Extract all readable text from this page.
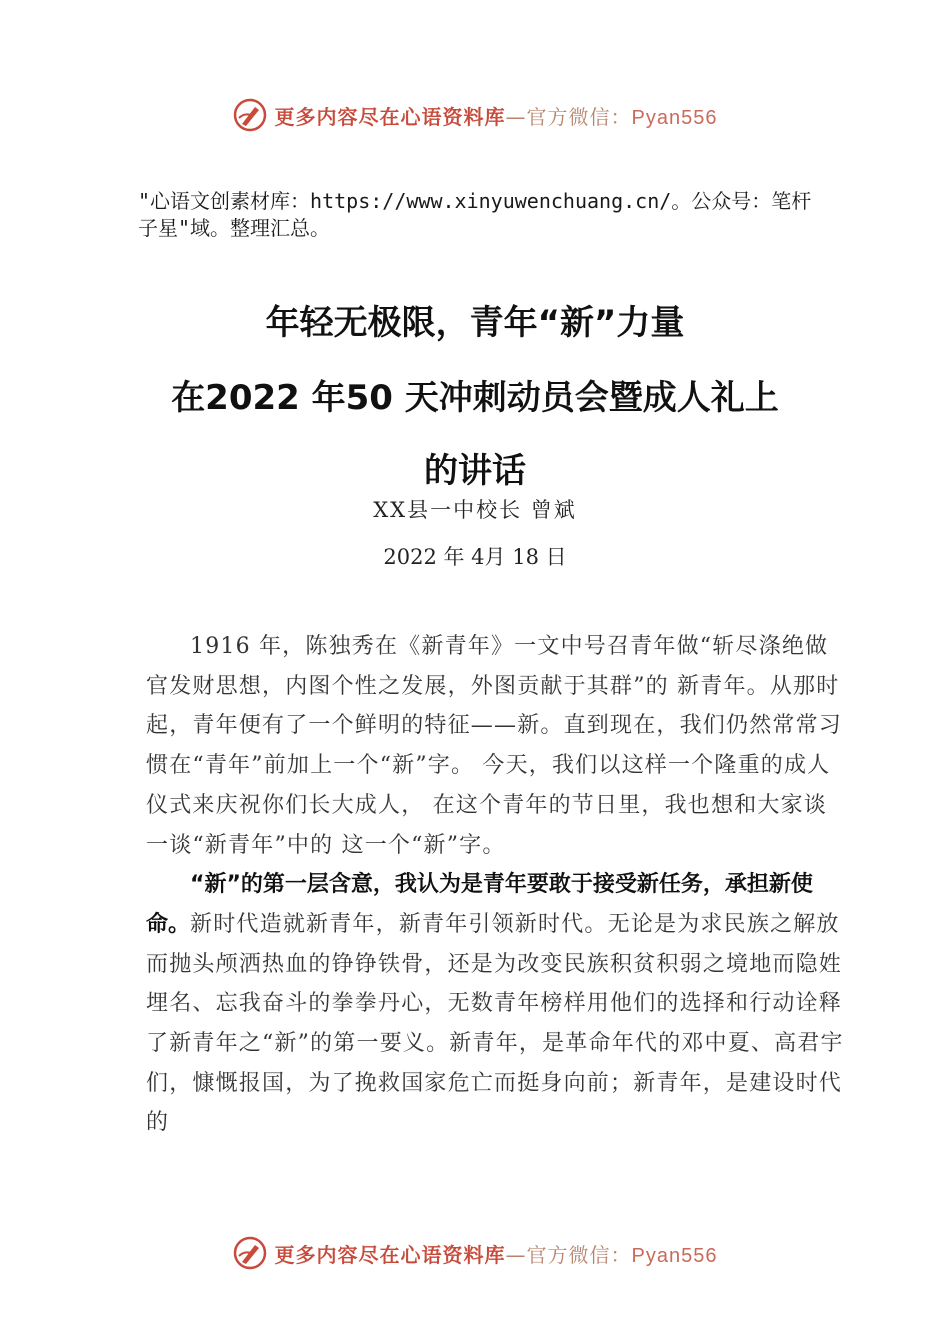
更多内容尽在心语资料库—官方微信：Pyan556
"心语文创素材库：https://www.xinyuwenchuang.cn/。公众号：笔杆子星"域。整理汇总。
年轻无极限，青年“新”力量
在2022 年50 天冲刺动员会暨成人礼上
的讲话
XX县一中校长 曾斌
2022 年 4月 18 日

1916 年，陈独秀在《新青年》一文中号召青年做“斩尽涤绝做官发财思想，内图个性之发展，外图贡献于其群”的 新青年。从那时起，青年便有了一个鲜明的特征——新。直到现在，我们仍然常常习惯在“青年”前加上一个“新”字。 今天，我们以这样一个隆重的成人仪式来庆祝你们长大成人， 在这个青年的节日里，我也想和大家谈一谈“新青年”中的 这一个“新”字。

“新”的第一层含意，我认为是青年要敢于接受新任务，承担新使命。新时代造就新青年，新青年引领新时代。无论是为求民族之解放而抛头颅洒热血的铮铮铁骨，还是为改变民族积贫积弱之境地而隐姓埋名、忘我奋斗的拳拳丹心，无数青年榜样用他们的选择和行动诠释了新青年之“新”的第一要义。新青年，是革命年代的邓中夏、高君宇们，慷慨报国，为了挽救国家危亡而挺身向前；新青年，是建设时代的

更多内容尽在心语资料库—官方微信：Pyan556
